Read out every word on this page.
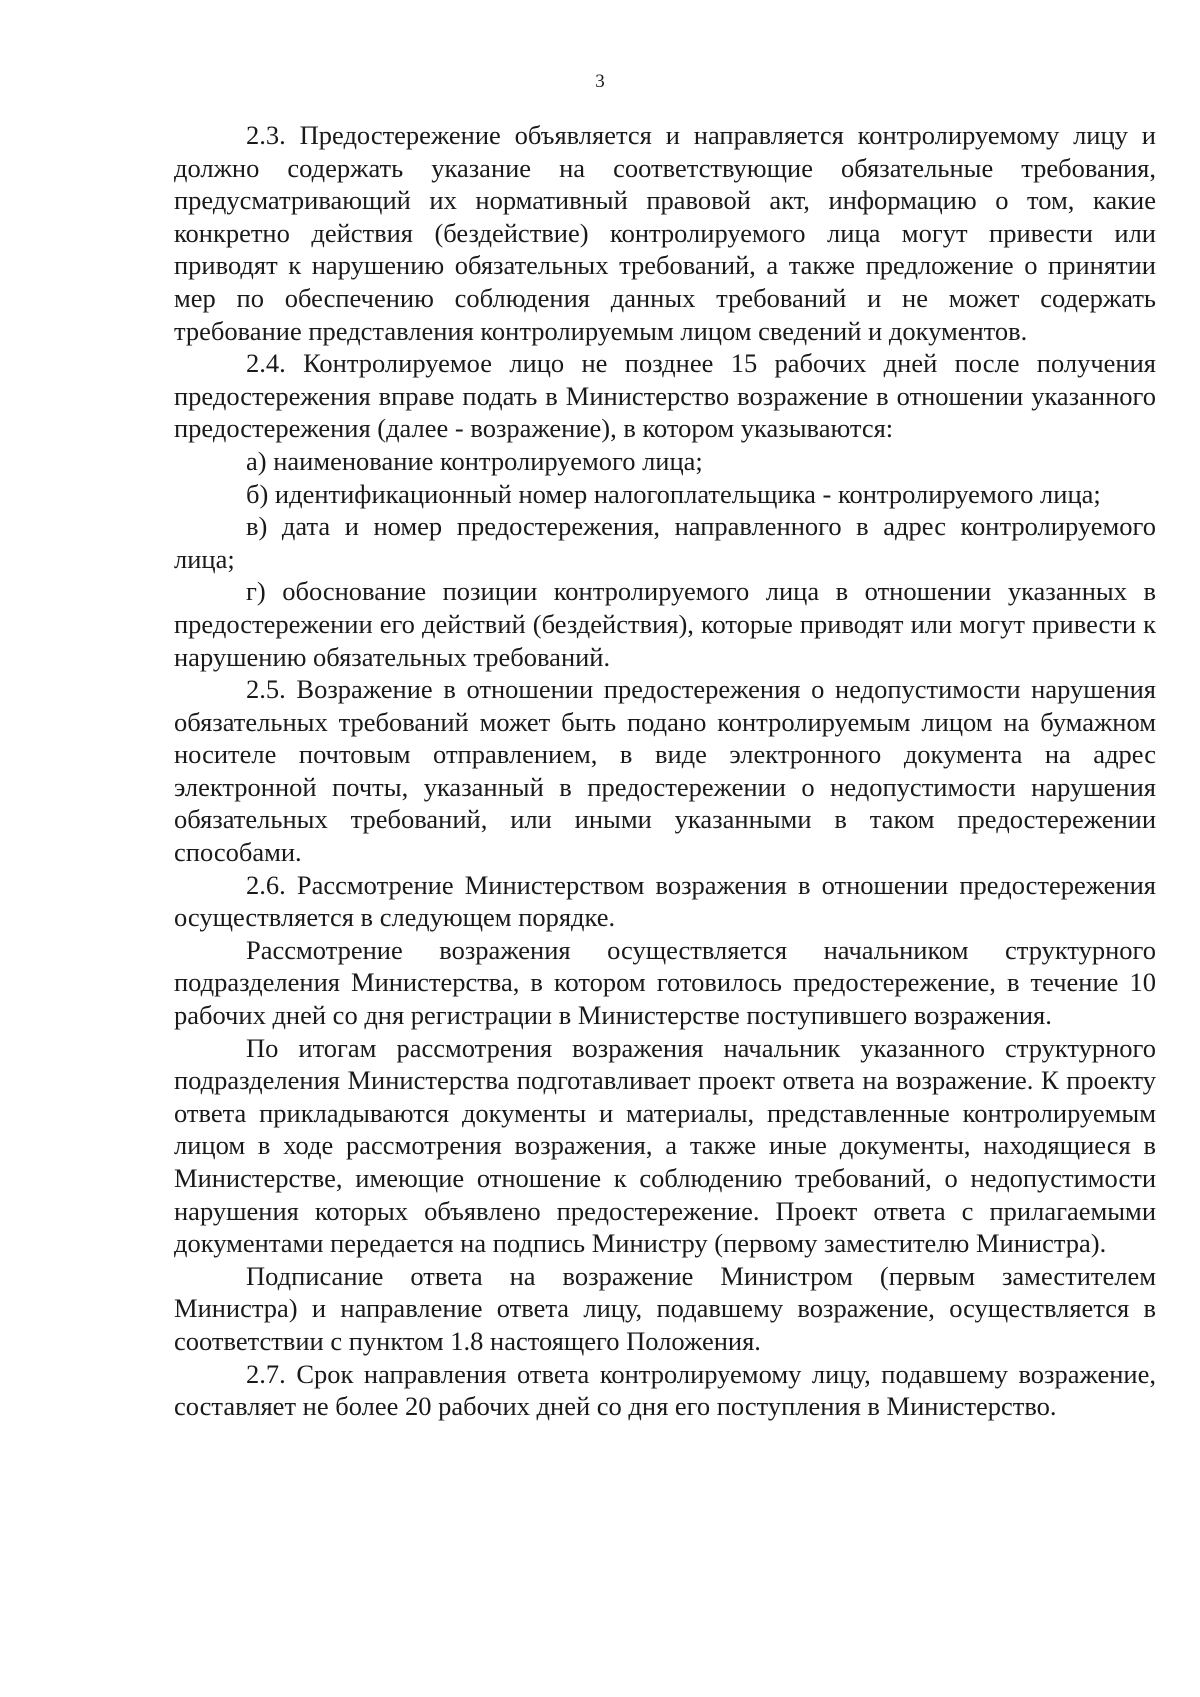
3

2.3. Предостережение объявляется и направляется контролируемому лицу и должно содержать указание на соответствующие обязательные требования, предусматривающий их нормативный правовой акт, информацию о том, какие конкретно действия (бездействие) контролируемого лица могут привести или приводят к нарушению обязательных требований, а также предложение о принятии мер по обеспечению соблюдения данных требований и не может содержать требование представления контролируемым лицом сведений и документов.

2.4. Контролируемое лицо не позднее 15 рабочих дней после получения предостережения вправе подать в Министерство возражение в отношении указанного предостережения (далее - возражение), в котором указываются:

а) наименование контролируемого лица;

б) идентификационный номер налогоплательщика - контролируемого лица;

в) дата и номер предостережения, направленного в адрес контролируемого лица;

г) обоснование позиции контролируемого лица в отношении указанных в предостережении его действий (бездействия), которые приводят или могут привести к нарушению обязательных требований.

2.5. Возражение в отношении предостережения о недопустимости нарушения обязательных требований может быть подано контролируемым лицом на бумажном носителе почтовым отправлением, в виде электронного документа на адрес электронной почты, указанный в предостережении о недопустимости нарушения обязательных требований, или иными указанными в таком предостережении способами.

2.6. Рассмотрение Министерством возражения в отношении предостережения осуществляется в следующем порядке.

Рассмотрение возражения осуществляется начальником структурного подразделения Министерства, в котором готовилось предостережение, в течение 10 рабочих дней со дня регистрации в Министерстве поступившего возражения.

По итогам рассмотрения возражения начальник указанного структурного подразделения Министерства подготавливает проект ответа на возражение. К проекту ответа прикладываются документы и материалы, представленные контролируемым лицом в ходе рассмотрения возражения, а также иные документы, находящиеся в Министерстве, имеющие отношение к соблюдению требований, о недопустимости нарушения которых объявлено предостережение. Проект ответа с прилагаемыми документами передается на подпись Министру (первому заместителю Министра).

Подписание ответа на возражение Министром (первым заместителем Министра) и направление ответа лицу, подавшему возражение, осуществляется в соответствии с пунктом 1.8 настоящего Положения.

2.7. Срок направления ответа контролируемому лицу, подавшему возражение, составляет не более 20 рабочих дней со дня его поступления в Министерство.
